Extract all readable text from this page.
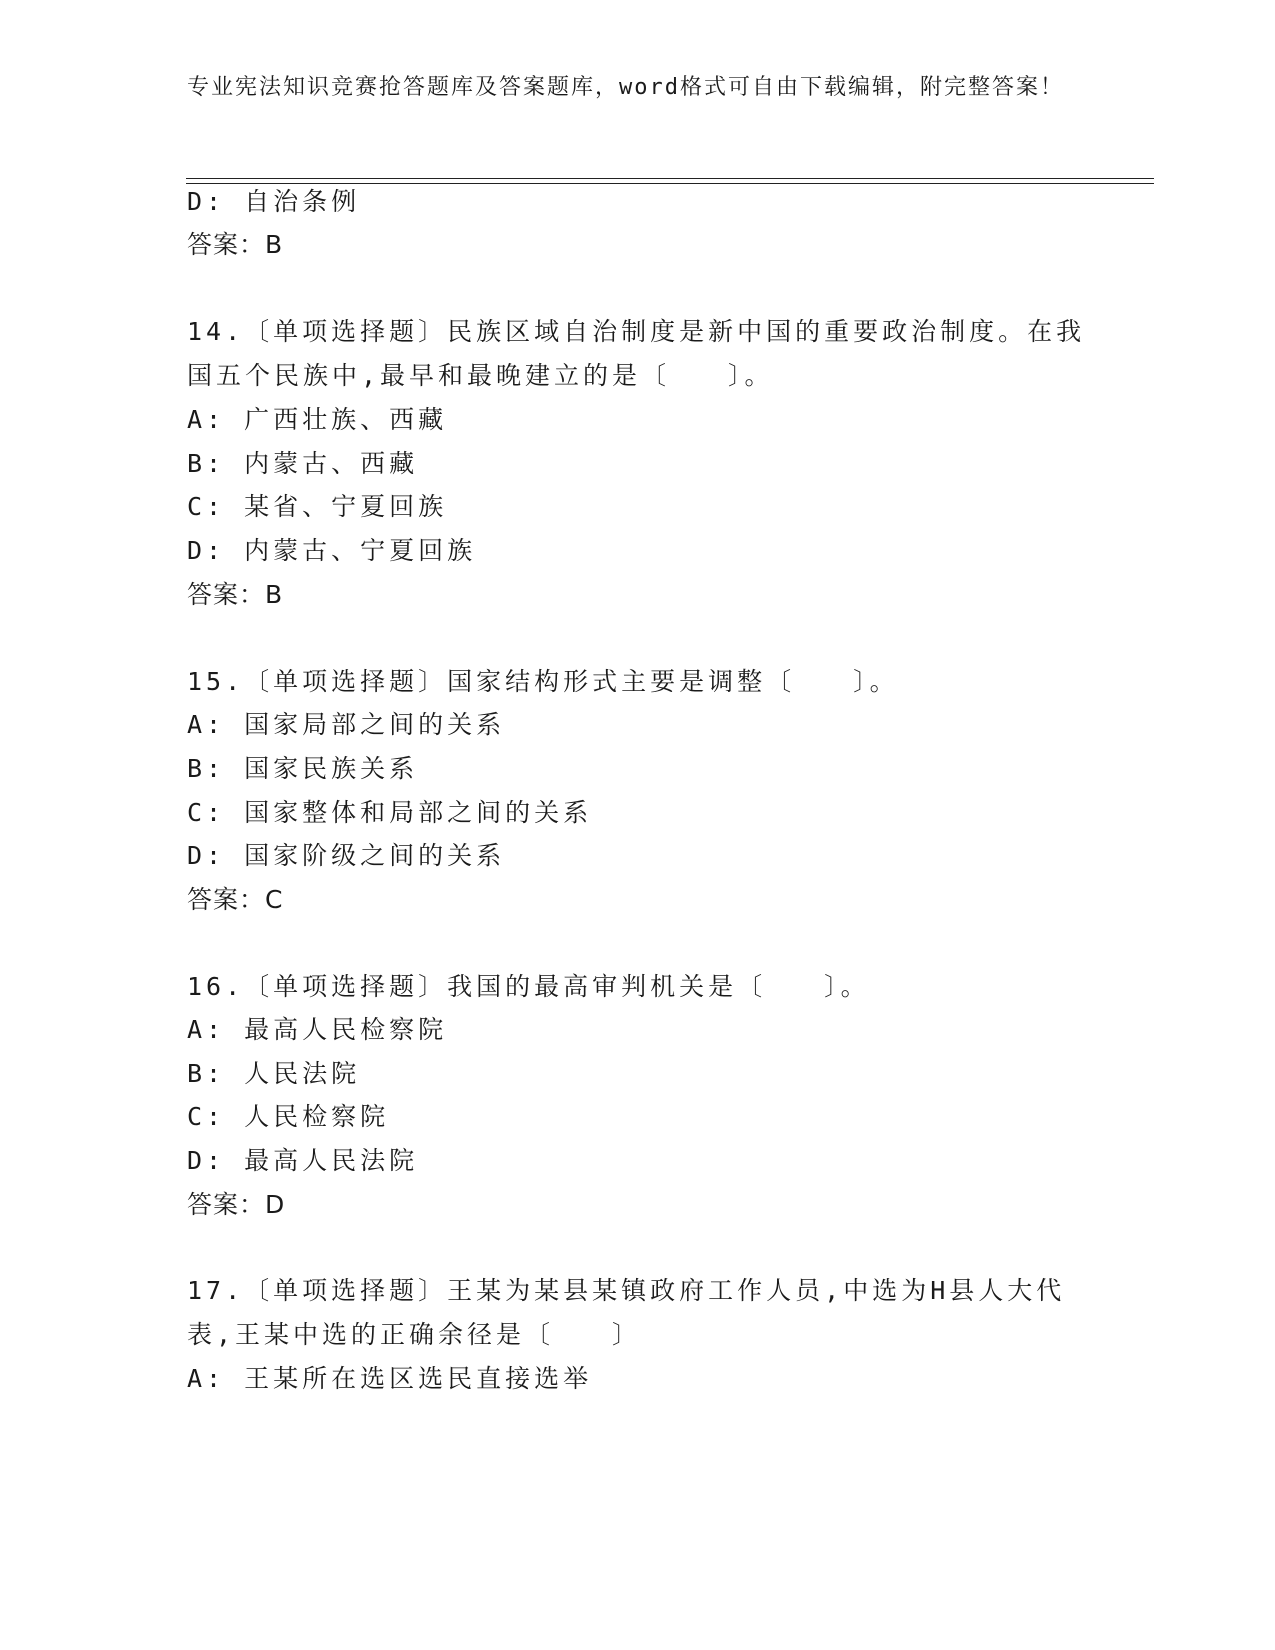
专业宪法知识竞赛抢答题库及答案题库，word格式可自由下载编辑，附完整答案！
D: 自治条例
答案：B
14.〔单项选择题〕民族区域自治制度是新中国的重要政治制度。在我
国五个民族中,最早和最晚建立的是〔　　〕。
A: 广西壮族、西藏
B: 内蒙古、西藏
C: 某省、宁夏回族
D: 内蒙古、宁夏回族
答案：B
15.〔单项选择题〕国家结构形式主要是调整〔　　〕。
A: 国家局部之间的关系
B: 国家民族关系
C: 国家整体和局部之间的关系
D: 国家阶级之间的关系
答案：C
16.〔单项选择题〕我国的最高审判机关是〔　　〕。
A: 最高人民检察院
B: 人民法院
C: 人民检察院
D: 最高人民法院
答案：D
17.〔单项选择题〕王某为某县某镇政府工作人员,中选为H县人大代
表,王某中选的正确余径是〔　　〕
A: 王某所在选区选民直接选举
